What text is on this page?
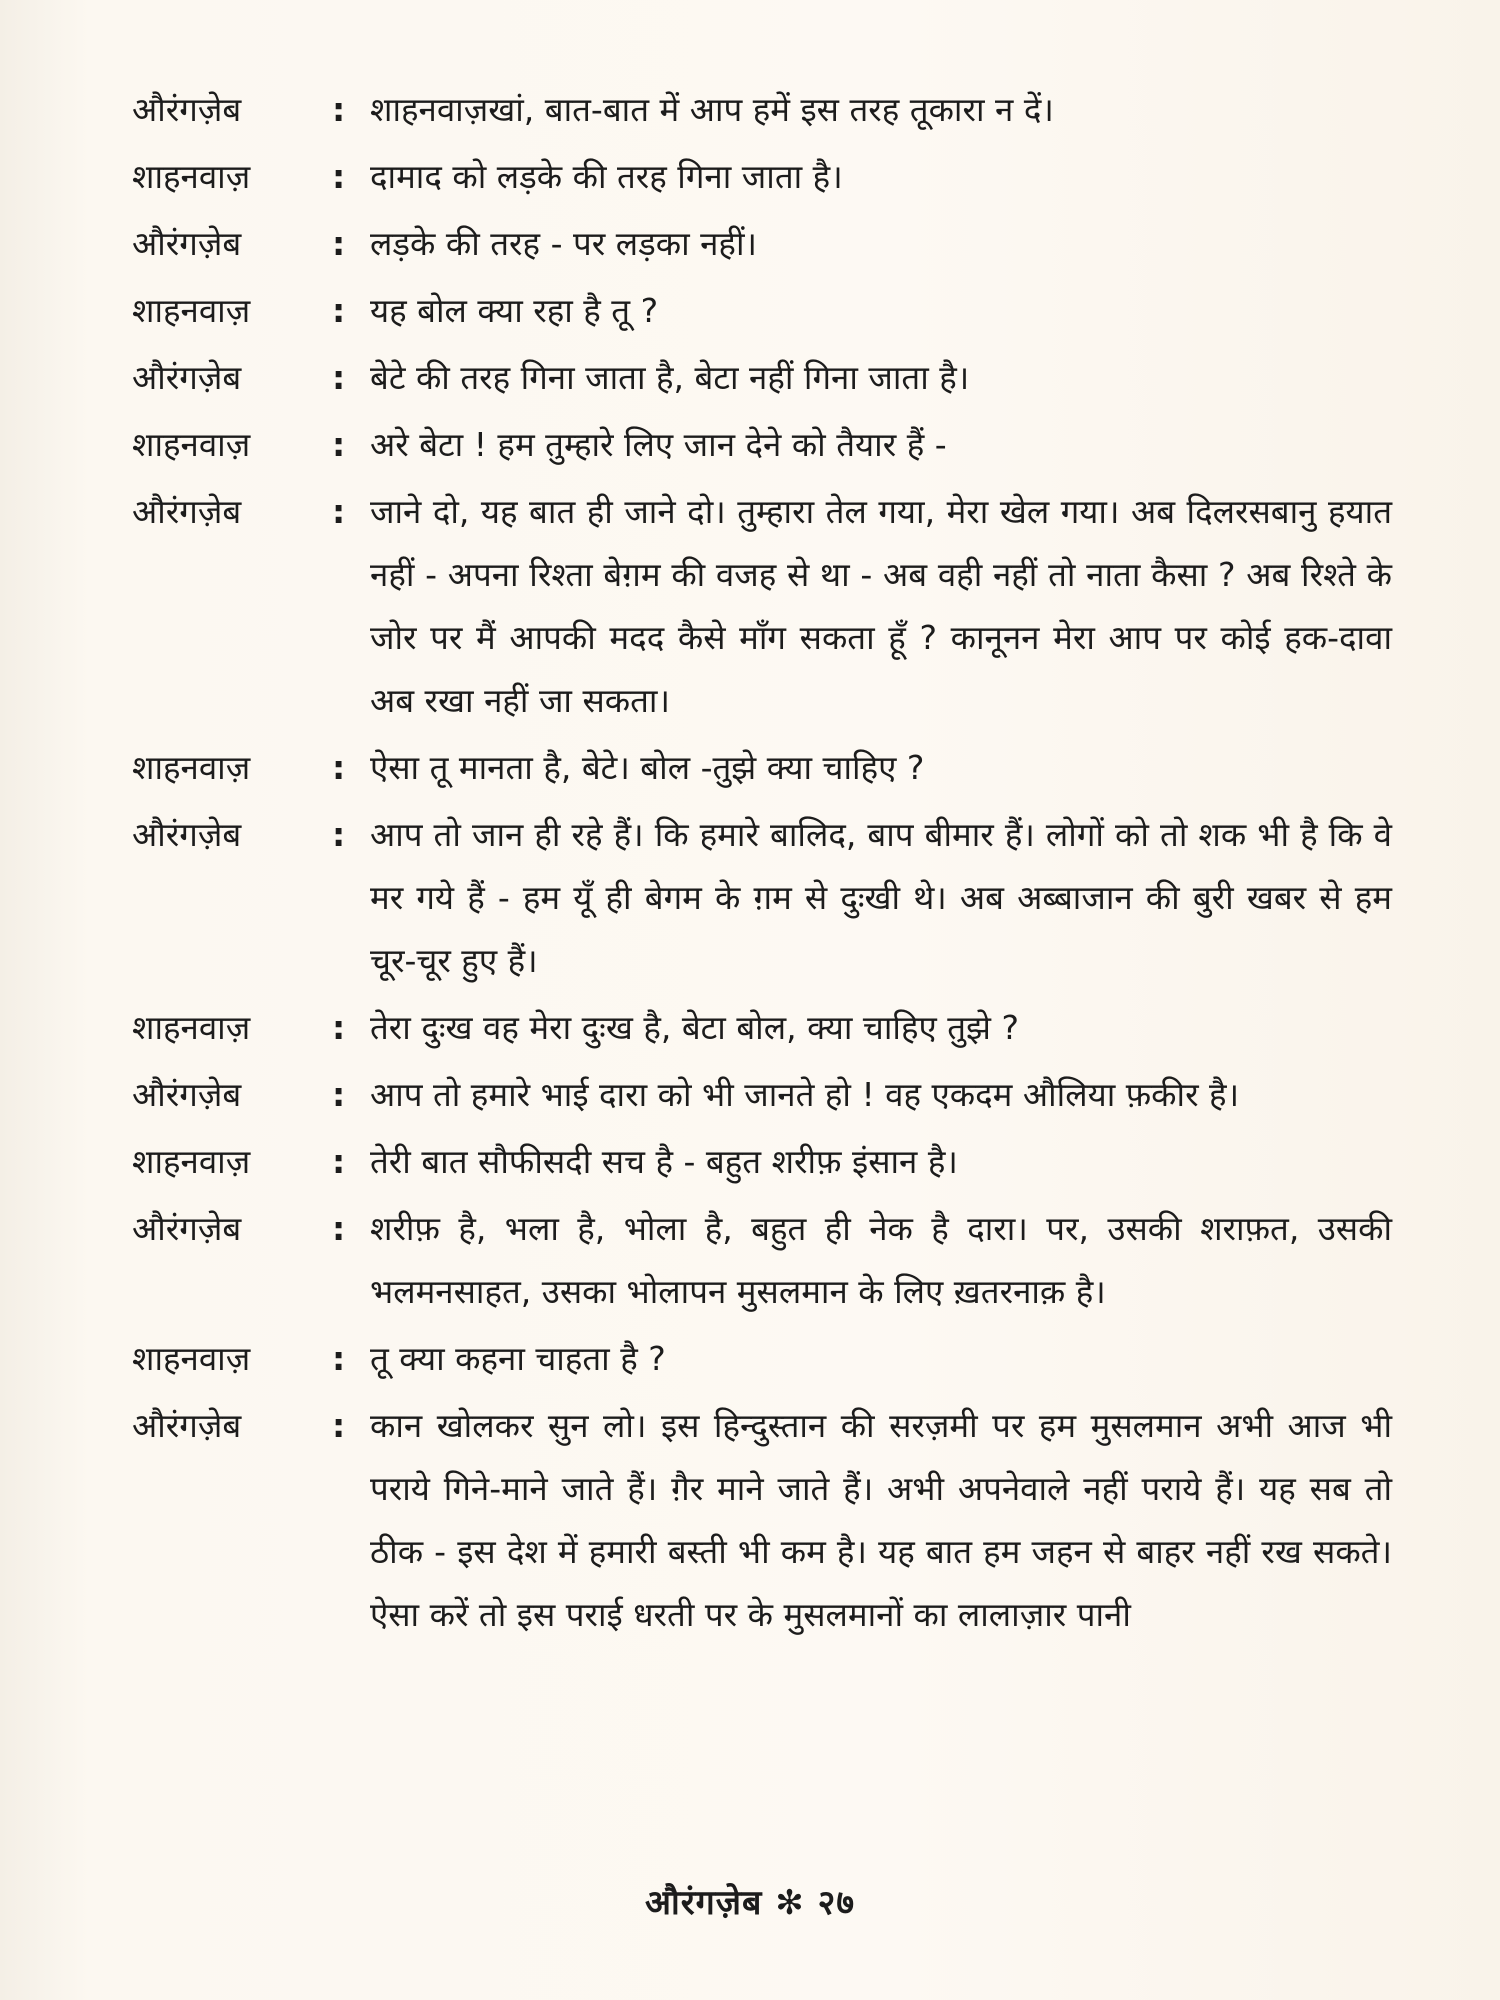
औरंगज़ेब	: शाहनवाज़खां, बात-बात में आप हमें इस तरह तूकारा न दें।
शाहनवाज़	: दामाद को लड़के की तरह गिना जाता है।
औरंगज़ेब	: लड़के की तरह - पर लड़का नहीं।
शाहनवाज़	: यह बोल क्या रहा है तू ?
औरंगज़ेब	: बेटे की तरह गिना जाता है, बेटा नहीं गिना जाता है।
शाहनवाज़	: अरे बेटा ! हम तुम्हारे लिए जान देने को तैयार हैं -
औरंगज़ेब	: जाने दो, यह बात ही जाने दो। तुम्हारा तेल गया, मेरा खेल गया। अब दिलरसबानु हयात नहीं - अपना रिश्ता बेग़म की वजह से था - अब वही नहीं तो नाता कैसा ? अब रिश्ते के जोर पर मैं आपकी मदद कैसे माँग सकता हूँ ? कानूनन मेरा आप पर कोई हक-दावा अब रखा नहीं जा सकता।
शाहनवाज़	: ऐसा तू मानता है, बेटे। बोल -तुझे क्या चाहिए ?
औरंगज़ेब	: आप तो जान ही रहे हैं। कि हमारे बालिद, बाप बीमार हैं। लोगों को तो शक भी है कि वे मर गये हैं - हम यूँ ही बेगम के ग़म से दुःखी थे। अब अब्बाजान की बुरी खबर से हम चूर-चूर हुए हैं।
शाहनवाज़	: तेरा दुःख वह मेरा दुःख है, बेटा बोल, क्या चाहिए तुझे ?
औरंगज़ेब	: आप तो हमारे भाई दारा को भी जानते हो ! वह एकदम औलिया फ़कीर है।
शाहनवाज़	: तेरी बात सौफीसदी सच है - बहुत शरीफ़ इंसान है।
औरंगज़ेब	: शरीफ़ है, भला है, भोला है, बहुत ही नेक है दारा। पर, उसकी शराफ़त, उसकी भलमनसाहत, उसका भोलापन मुसलमान के लिए ख़तरनाक़ है।
शाहनवाज़	: तू क्या कहना चाहता है ?
औरंगज़ेब	: कान खोलकर सुन लो। इस हिन्दुस्तान की सरज़मी पर हम मुसलमान अभी आज भी पराये गिने-माने जाते हैं। ग़ैर माने जाते हैं। अभी अपनेवाले नहीं पराये हैं। यह सब तो ठीक - इस देश में हमारी बस्ती भी कम है। यह बात हम जहन से बाहर नहीं रख सकते। ऐसा करें तो इस पराई धरती पर के मुसलमानों का लालाज़ार पानी
औरंगज़ेब ✻ २७
